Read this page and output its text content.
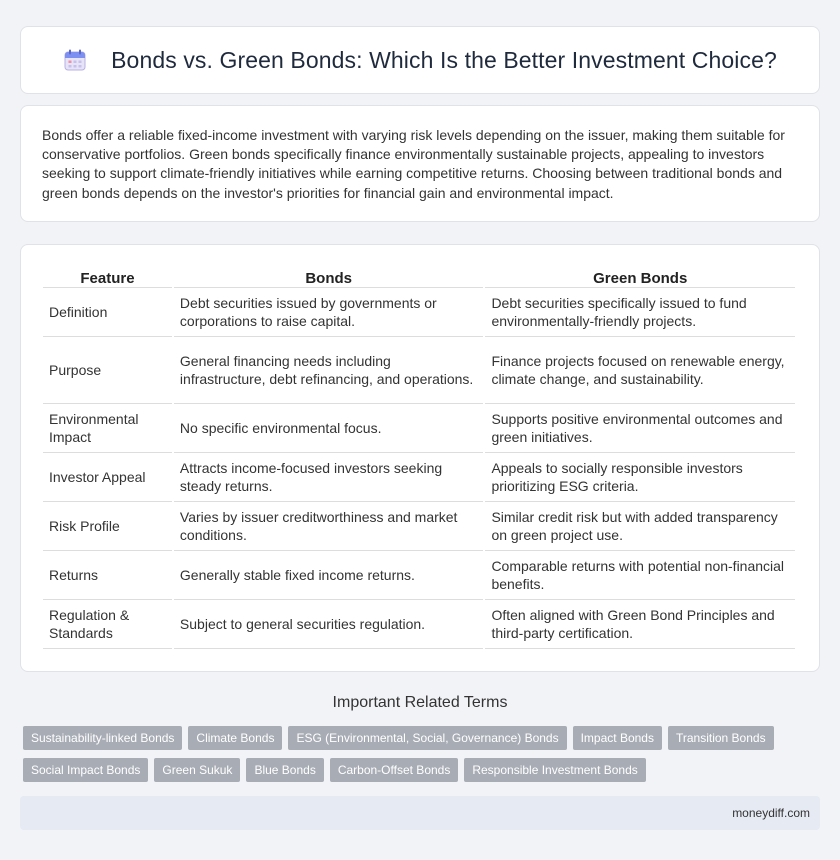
Bonds vs. Green Bonds: Which Is the Better Investment Choice?

Bonds offer a reliable fixed-income investment with varying risk levels depending on the issuer, making them suitable for conservative portfolios. Green bonds specifically finance environmentally sustainable projects, appealing to investors seeking to support climate-friendly initiatives while earning competitive returns. Choosing between traditional bonds and green bonds depends on the investor's priorities for financial gain and environmental impact.

Feature	Bonds	Green Bonds
Definition	Debt securities issued by governments or corporations to raise capital.	Debt securities specifically issued to fund environmentally-friendly projects.
Purpose	General financing needs including infrastructure, debt refinancing, and operations.	Finance projects focused on renewable energy, climate change, and sustainability.
Environmental Impact	No specific environmental focus.	Supports positive environmental outcomes and green initiatives.
Investor Appeal	Attracts income-focused investors seeking steady returns.	Appeals to socially responsible investors prioritizing ESG criteria.
Risk Profile	Varies by issuer creditworthiness and market conditions.	Similar credit risk but with added transparency on green project use.
Returns	Generally stable fixed income returns.	Comparable returns with potential non-financial benefits.
Regulation & Standards	Subject to general securities regulation.	Often aligned with Green Bond Principles and third-party certification.
Important Related Terms
Sustainability-linked Bonds	Climate Bonds	ESG (Environmental, Social, Governance) Bonds	Impact Bonds	Transition Bonds
Social Impact Bonds	Green Sukuk	Blue Bonds	Carbon-Offset Bonds	Responsible Investment Bonds
moneydiff.com
